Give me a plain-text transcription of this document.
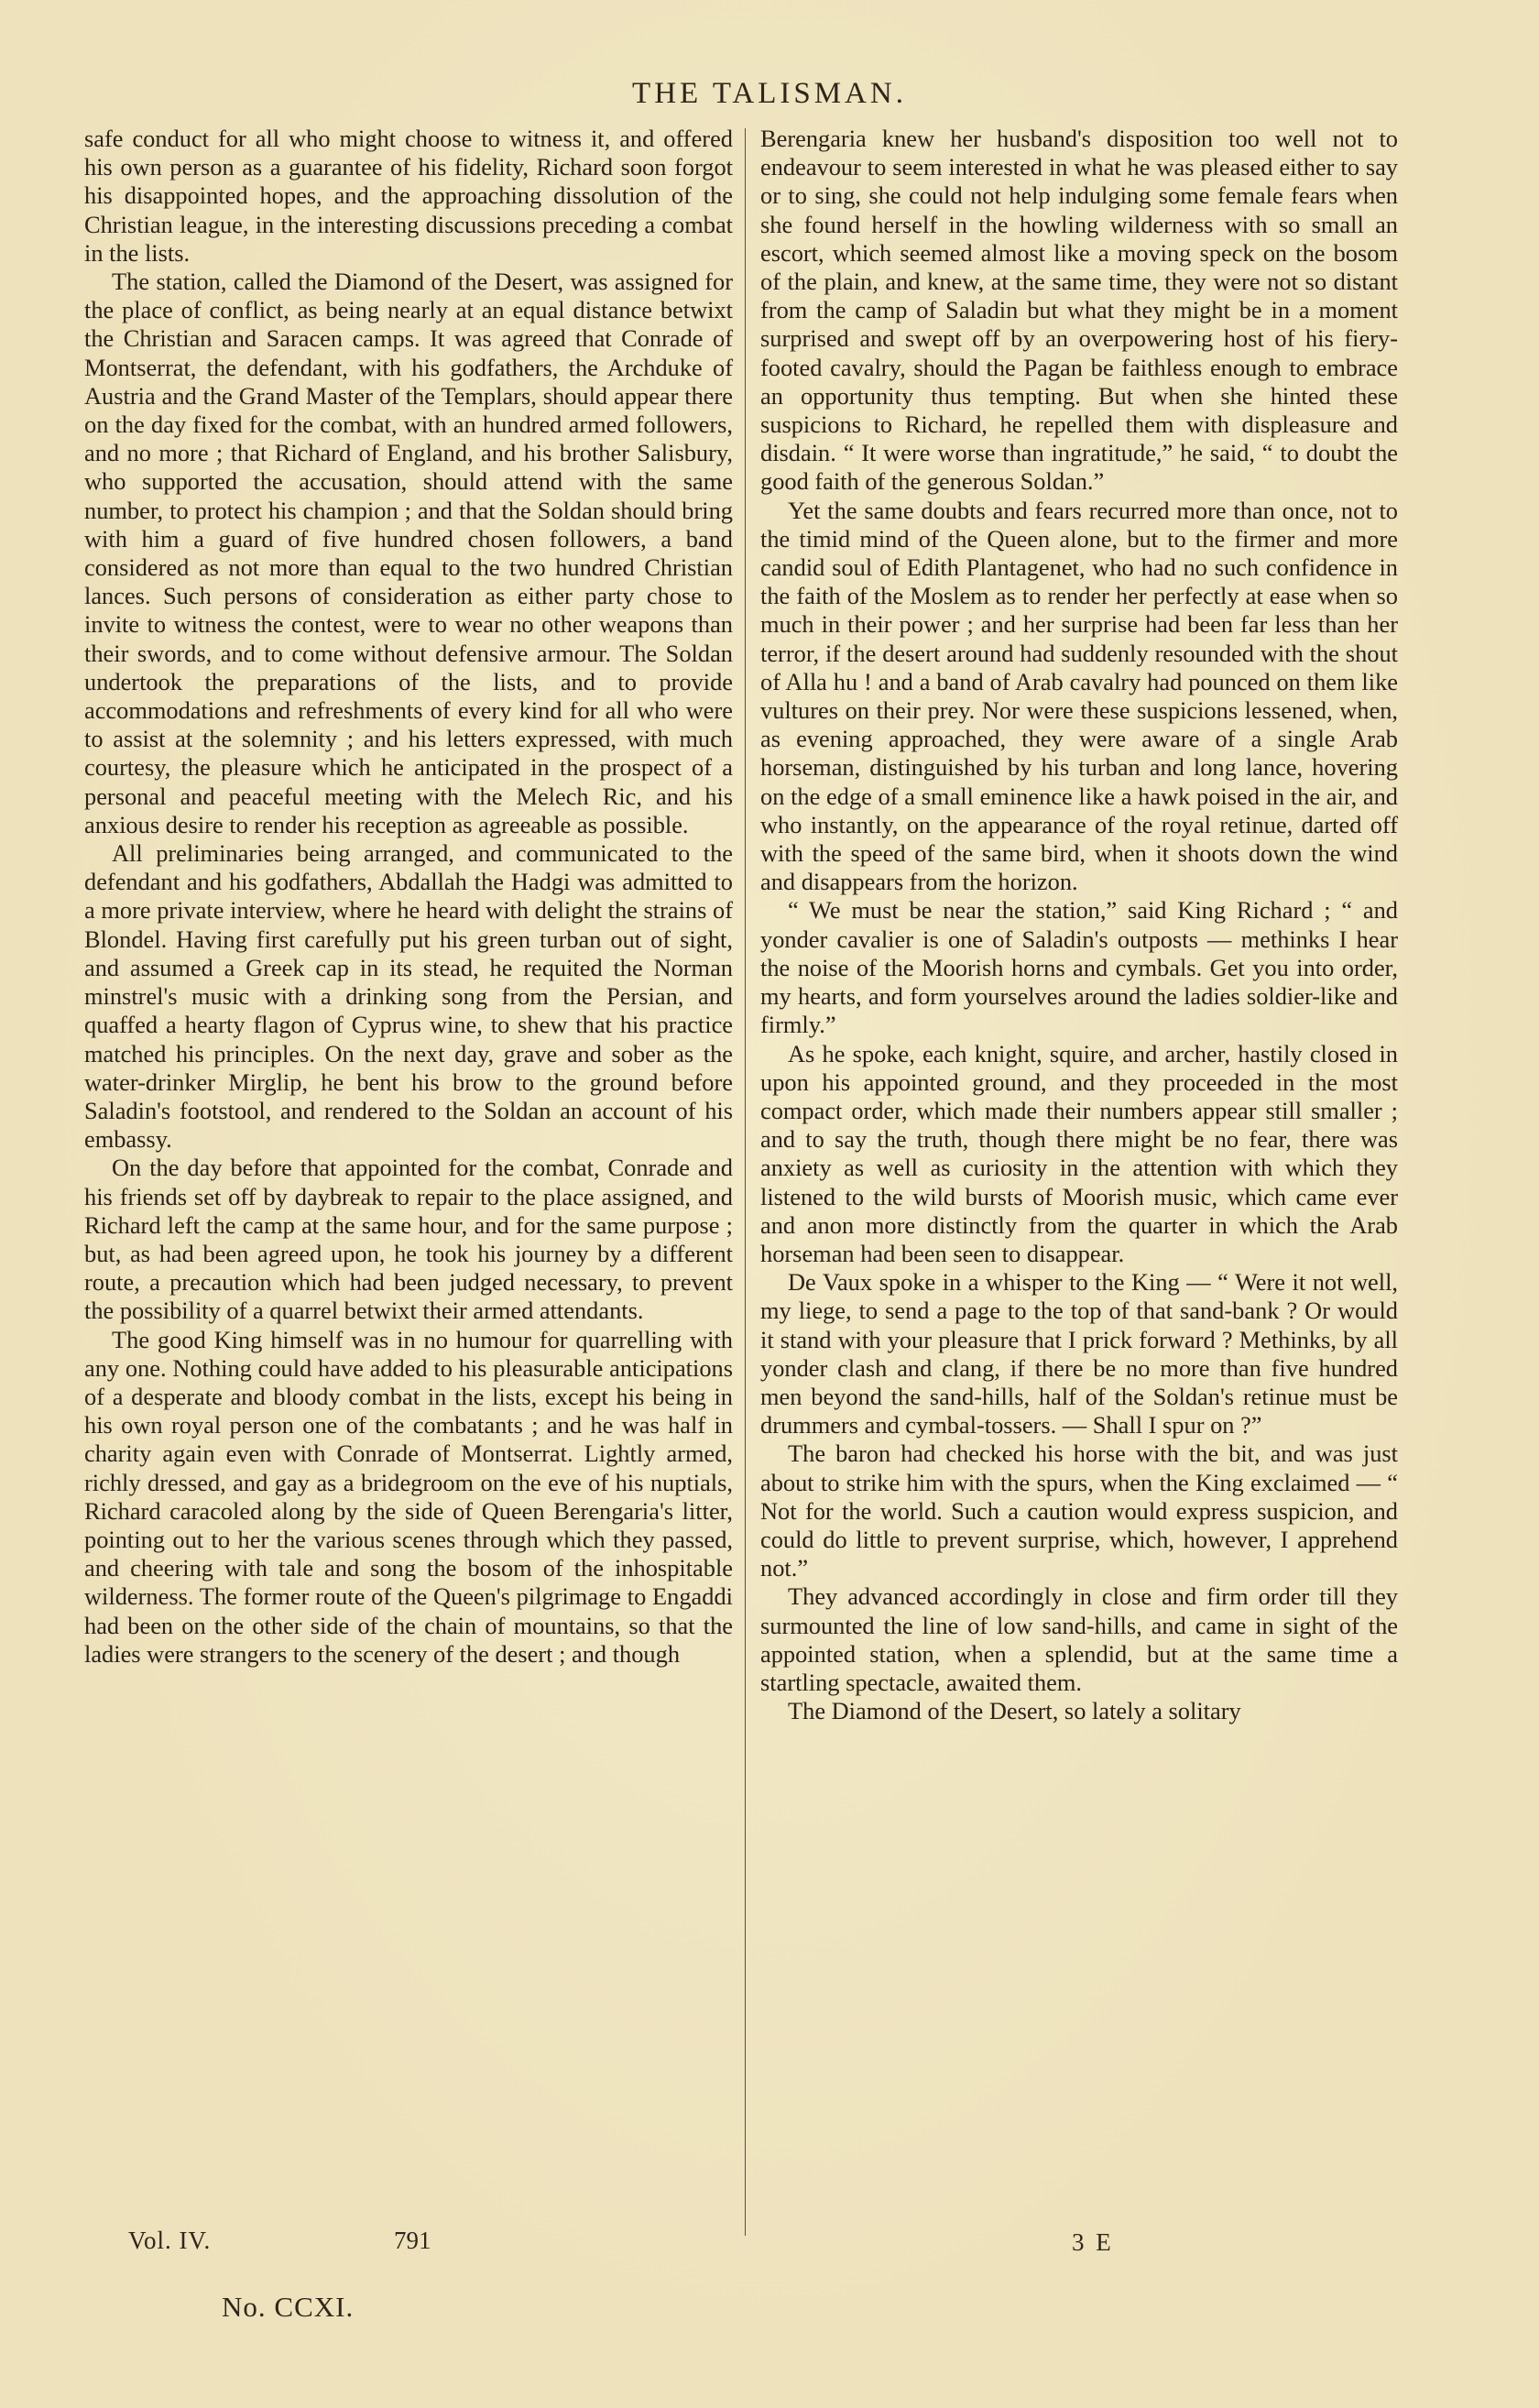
THE TALISMAN.

safe conduct for all who might choose to witness it, and offered his own person as a guarantee of his fidelity, Richard soon forgot his disappointed hopes, and the approaching dissolution of the Christian league, in the interesting discussions preceding a combat in the lists.

The station, called the Diamond of the Desert, was assigned for the place of conflict, as being nearly at an equal distance betwixt the Christian and Saracen camps. It was agreed that Conrade of Montserrat, the defendant, with his godfathers, the Archduke of Austria and the Grand Master of the Templars, should appear there on the day fixed for the combat, with an hundred armed followers, and no more ; that Richard of England, and his brother Salisbury, who supported the accusation, should attend with the same number, to protect his champion ; and that the Soldan should bring with him a guard of five hundred chosen followers, a band considered as not more than equal to the two hundred Christian lances. Such persons of consideration as either party chose to invite to witness the contest, were to wear no other weapons than their swords, and to come without defensive armour. The Soldan undertook the preparations of the lists, and to provide accommodations and refreshments of every kind for all who were to assist at the solemnity ; and his letters expressed, with much courtesy, the pleasure which he anticipated in the prospect of a personal and peaceful meeting with the Melech Ric, and his anxious desire to render his reception as agreeable as possible.

All preliminaries being arranged, and communicated to the defendant and his godfathers, Abdallah the Hadgi was admitted to a more private interview, where he heard with delight the strains of Blondel. Having first carefully put his green turban out of sight, and assumed a Greek cap in its stead, he requited the Norman minstrel's music with a drinking song from the Persian, and quaffed a hearty flagon of Cyprus wine, to shew that his practice matched his principles. On the next day, grave and sober as the water-drinker Mirglip, he bent his brow to the ground before Saladin's footstool, and rendered to the Soldan an account of his embassy.

On the day before that appointed for the combat, Conrade and his friends set off by daybreak to repair to the place assigned, and Richard left the camp at the same hour, and for the same purpose ; but, as had been agreed upon, he took his journey by a different route, a precaution which had been judged necessary, to prevent the possibility of a quarrel betwixt their armed attendants.

The good King himself was in no humour for quarrelling with any one. Nothing could have added to his pleasurable anticipations of a desperate and bloody combat in the lists, except his being in his own royal person one of the combatants ; and he was half in charity again even with Conrade of Montserrat. Lightly armed, richly dressed, and gay as a bridegroom on the eve of his nuptials, Richard caracoled along by the side of Queen Berengaria's litter, pointing out to her the various scenes through which they passed, and cheering with tale and song the bosom of the inhospitable wilderness. The former route of the Queen's pilgrimage to Engaddi had been on the other side of the chain of mountains, so that the ladies were strangers to the scenery of the desert ; and though

Berengaria knew her husband's disposition too well not to endeavour to seem interested in what he was pleased either to say or to sing, she could not help indulging some female fears when she found herself in the howling wilderness with so small an escort, which seemed almost like a moving speck on the bosom of the plain, and knew, at the same time, they were not so distant from the camp of Saladin but what they might be in a moment surprised and swept off by an overpowering host of his fiery-footed cavalry, should the Pagan be faithless enough to embrace an opportunity thus tempting. But when she hinted these suspicions to Richard, he repelled them with displeasure and disdain. “ It were worse than ingratitude,” he said, “ to doubt the good faith of the generous Soldan.”

Yet the same doubts and fears recurred more than once, not to the timid mind of the Queen alone, but to the firmer and more candid soul of Edith Plantagenet, who had no such confidence in the faith of the Moslem as to render her perfectly at ease when so much in their power ; and her surprise had been far less than her terror, if the desert around had suddenly resounded with the shout of Alla hu ! and a band of Arab cavalry had pounced on them like vultures on their prey. Nor were these suspicions lessened, when, as evening approached, they were aware of a single Arab horseman, distinguished by his turban and long lance, hovering on the edge of a small eminence like a hawk poised in the air, and who instantly, on the appearance of the royal retinue, darted off with the speed of the same bird, when it shoots down the wind and disappears from the horizon.

“ We must be near the station,” said King Richard ; “ and yonder cavalier is one of Saladin's outposts — methinks I hear the noise of the Moorish horns and cymbals. Get you into order, my hearts, and form yourselves around the ladies soldier-like and firmly.”

As he spoke, each knight, squire, and archer, hastily closed in upon his appointed ground, and they proceeded in the most compact order, which made their numbers appear still smaller ; and to say the truth, though there might be no fear, there was anxiety as well as curiosity in the attention with which they listened to the wild bursts of Moorish music, which came ever and anon more distinctly from the quarter in which the Arab horseman had been seen to disappear.

De Vaux spoke in a whisper to the King — “ Were it not well, my liege, to send a page to the top of that sand-bank ? Or would it stand with your pleasure that I prick forward ? Methinks, by all yonder clash and clang, if there be no more than five hundred men beyond the sand-hills, half of the Soldan's retinue must be drummers and cymbal-tossers. — Shall I spur on ?”

The baron had checked his horse with the bit, and was just about to strike him with the spurs, when the King exclaimed — “ Not for the world. Such a caution would express suspicion, and could do little to prevent surprise, which, however, I apprehend not.”

They advanced accordingly in close and firm order till they surmounted the line of low sand-hills, and came in sight of the appointed station, when a splendid, but at the same time a startling spectacle, awaited them.

The Diamond of the Desert, so lately a solitary

Vol. IV.	791	3 E
No. CCXI.
